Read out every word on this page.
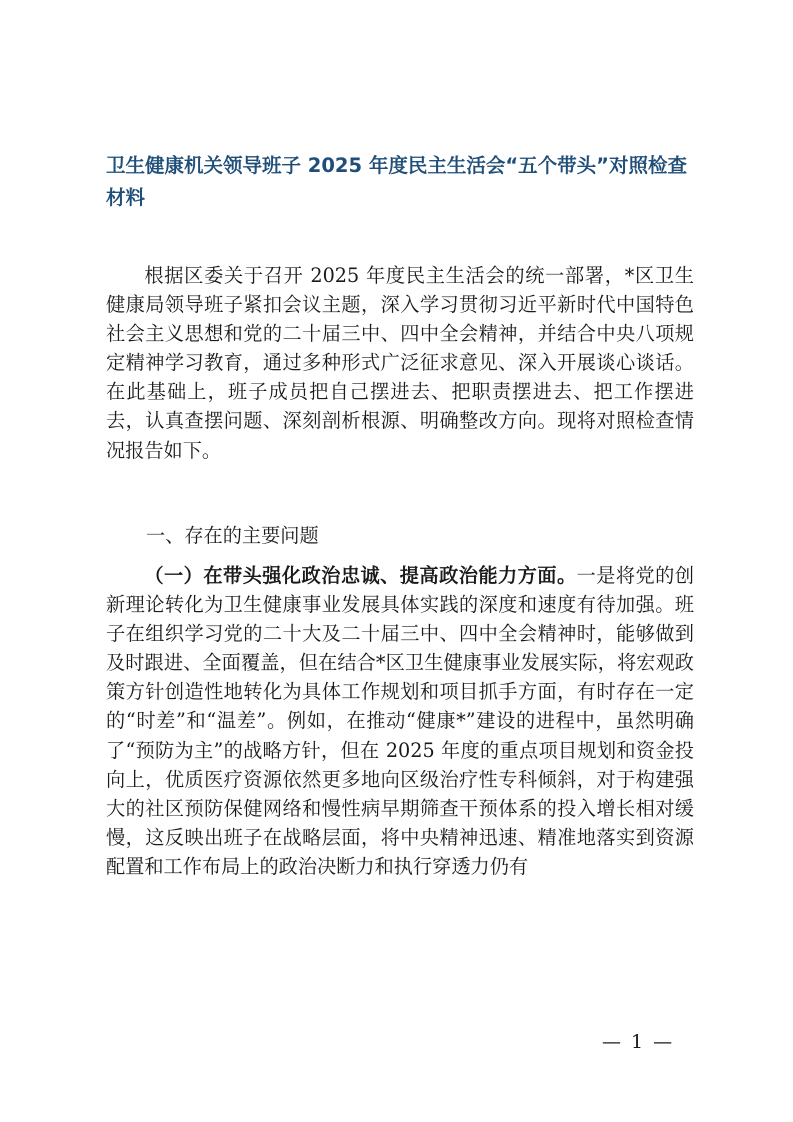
卫生健康机关领导班子 2025 年度民主生活会“五个带头”对照检查材料

根据区委关于召开 2025 年度民主生活会的统一部署，*区卫生健康局领导班子紧扣会议主题，深入学习贯彻习近平新时代中国特色社会主义思想和党的二十届三中、四中全会精神，并结合中央八项规定精神学习教育，通过多种形式广泛征求意见、深入开展谈心谈话。在此基础上，班子成员把自己摆进去、把职责摆进去、把工作摆进去，认真查摆问题、深刻剖析根源、明确整改方向。现将对照检查情况报告如下。

一、存在的主要问题

（一）在带头强化政治忠诚、提高政治能力方面。一是将党的创新理论转化为卫生健康事业发展具体实践的深度和速度有待加强。班子在组织学习党的二十大及二十届三中、四中全会精神时，能够做到及时跟进、全面覆盖，但在结合*区卫生健康事业发展实际，将宏观政策方针创造性地转化为具体工作规划和项目抓手方面，有时存在一定的“时差”和“温差”。例如，在推动“健康*”建设的进程中，虽然明确了“预防为主”的战略方针，但在 2025 年度的重点项目规划和资金投向上，优质医疗资源依然更多地向区级治疗性专科倾斜，对于构建强大的社区预防保健网络和慢性病早期筛查干预体系的投入增长相对缓慢，这反映出班子在战略层面，将中央精神迅速、精准地落实到资源配置和工作布局上的政治决断力和执行穿透力仍有

— 1 —
